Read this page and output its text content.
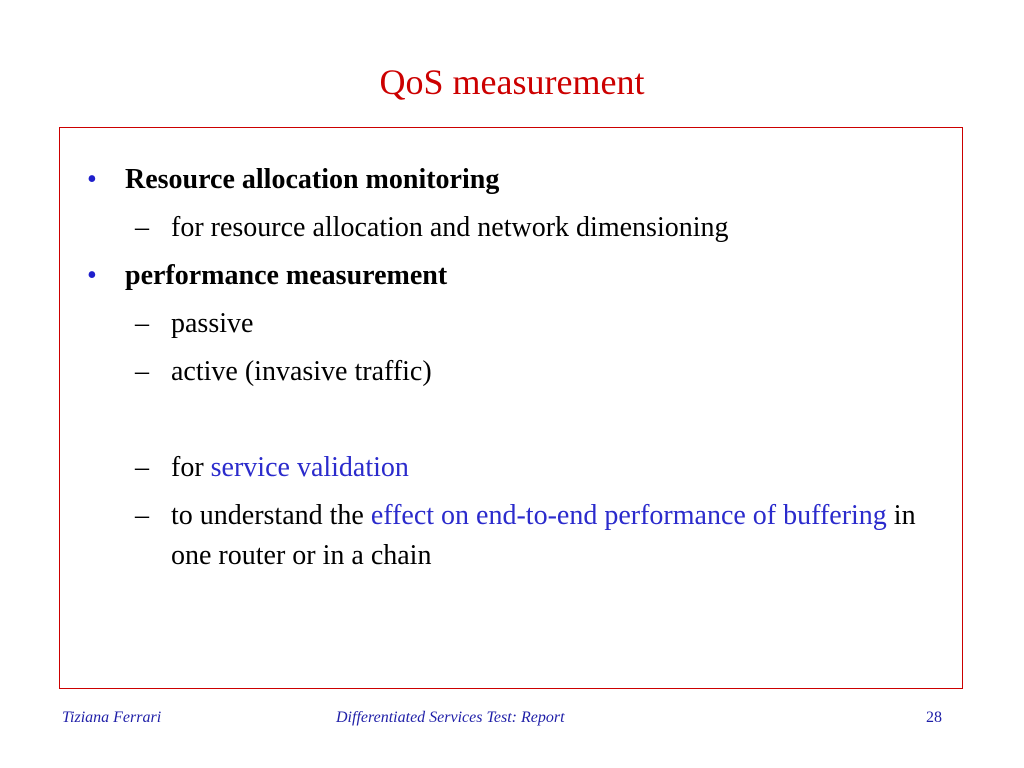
QoS measurement
• Resource allocation monitoring
– for resource allocation and network dimensioning
• performance measurement
– passive
– active (invasive traffic)
– for service validation
– to understand the effect on end-to-end performance of buffering in one router or in a chain
Tiziana Ferrari	Differentiated Services Test: Report	28
